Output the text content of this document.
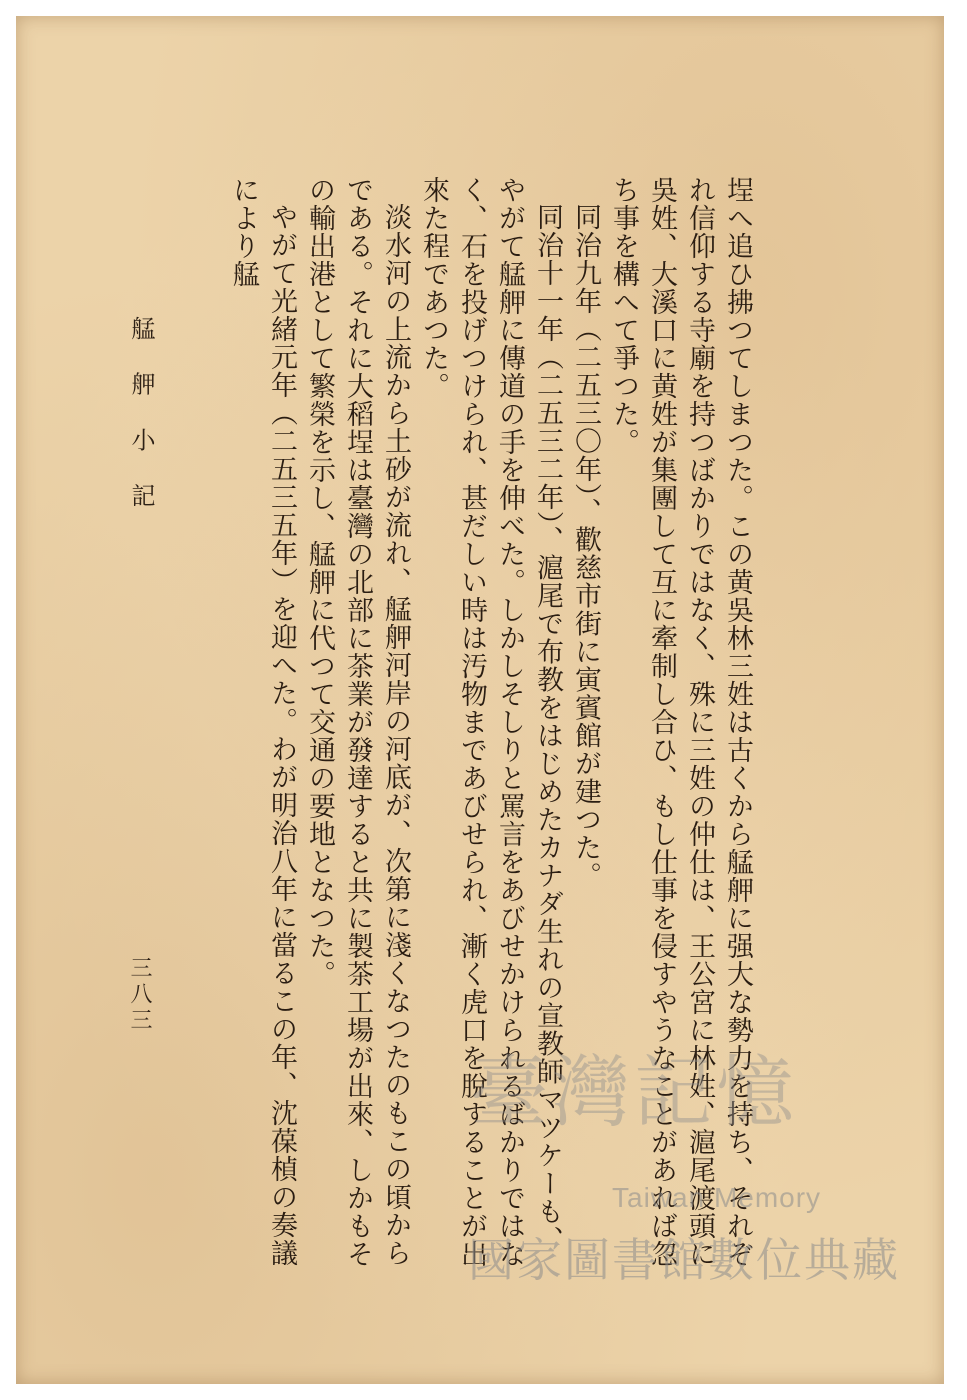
埕へ追ひ拂つてしまつた。この黄吳林三姓は古くから艋舺に强大な勢力を持ち、それぞれ信仰する寺廟を持つばかりではなく、殊に三姓の仲仕は、王公宮に林姓、滬尾渡頭に吳姓、大溪口に黄姓が集團して互に牽制し合ひ、もし仕事を侵すやうなことがあれば忽ち事を構へて爭つた。

同治九年（二五三〇年）、歡慈市街に寅賓館が建つた。

同治十一年（二五三二年）、滬尾で布教をはじめたカナダ生れの宣教師マツケーも、やがて艋舺に傳道の手を伸べた。しかしそしりと罵言をあびせかけられるばかりではなく、石を投げつけられ、甚だしい時は汚物まであびせられ、漸く虎口を脫することが出來た程であつた。

淡水河の上流から土砂が流れ、艋舺河岸の河底が、次第に淺くなつたのもこの頃からである。それに大稻埕は臺灣の北部に茶業が發達すると共に製茶工場が出來、しかもその輸出港として繁榮を示し、艋舺に代つて交通の要地となつた。

やがて光緒元年（二五三五年）を迎へた。わが明治八年に當るこの年、沈葆楨の奏議により艋

艋 舺 小 記
三八三
臺灣記憶
Taiwan Memory
國家圖書館數位典藏
